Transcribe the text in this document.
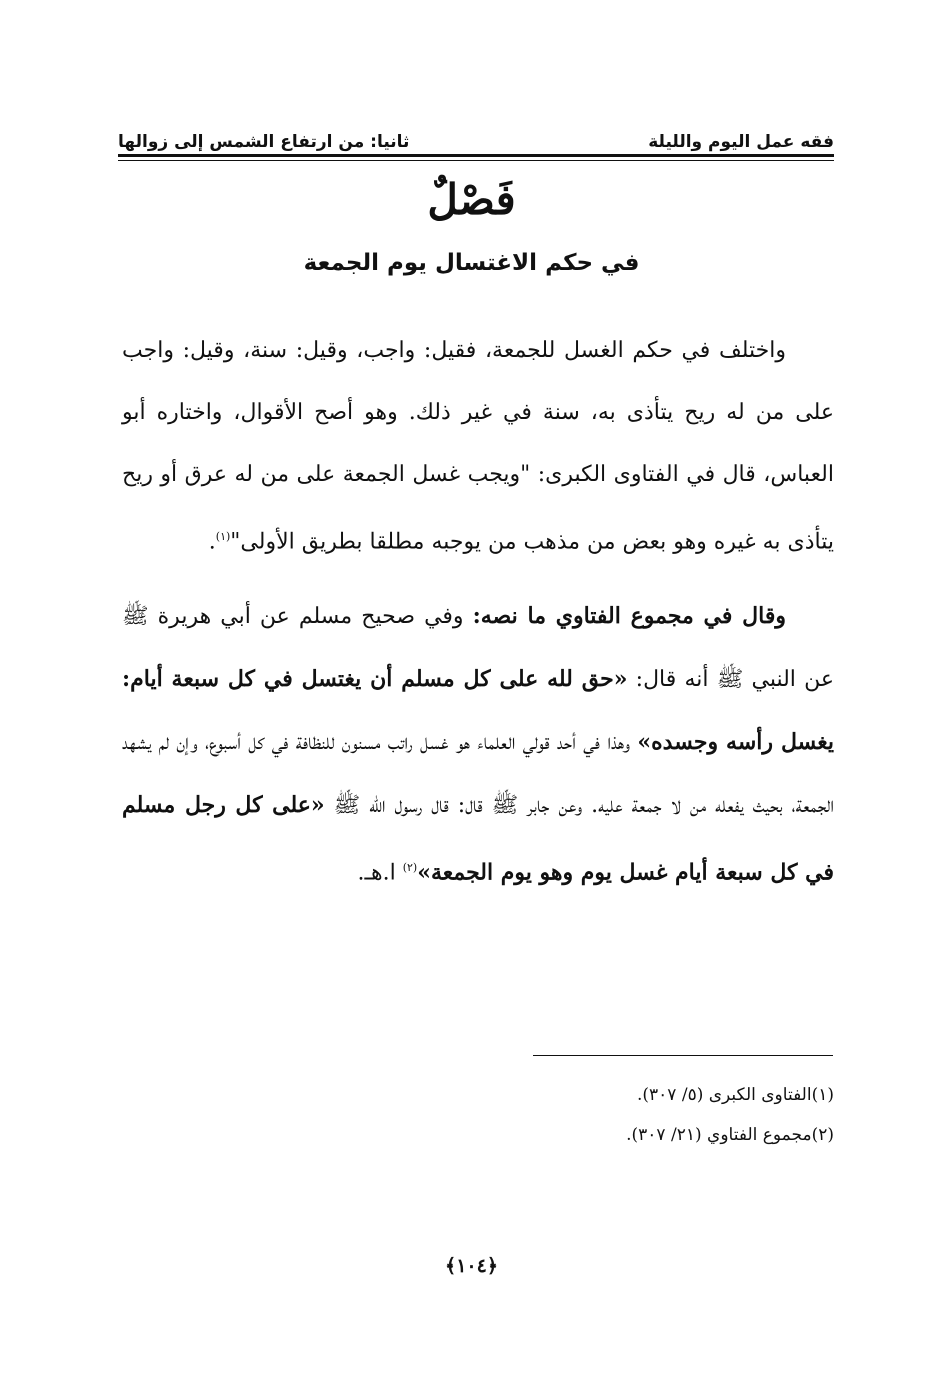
فقه عمل اليوم والليلة
ثانيا: من ارتفاع الشمس إلى زوالها
فَصْلٌ
في حكم الاغتسال يوم الجمعة

واختلف في حكم الغسل للجمعة، فقيل: واجب، وقيل: سنة، وقيل: واجب على من له ريح يتأذى به، سنة في غير ذلك. وهو أصح الأقوال، واختاره أبو العباس، قال في الفتاوى الكبرى: "ويجب غسل الجمعة على من له عرق أو ريح يتأذى به غيره وهو بعض من مذهب من يوجبه مطلقا بطريق الأولى"$^{(١)}$.

وقال في مجموع الفتاوي ما نصه: وفي صحيح مسلم عن أبي هريرة ﷺ عن النبي ﷺ أنه قال: «حق لله على كل مسلم أن يغتسل في كل سبعة أيام: يغسل رأسه وجسده» وهذا في أحد قولي العلماء هو غسل راتب مسنون للنظافة في كل أسبوع، وإن لم يشهد الجمعة، بحيث يفعله من لا جمعة عليه. وعن جابر ﷺ قال: قال رسول الله ﷺ «على كل رجل مسلم في كل سبعة أيام غسل يوم وهو يوم الجمعة»$^{(٢)}$ ا.هـ.

(١)الفتاوى الكبرى (٥/ ٣٠٧).
(٢)مجموع الفتاوي (٢١/ ٣٠٧).
﴿١٠٤﴾
